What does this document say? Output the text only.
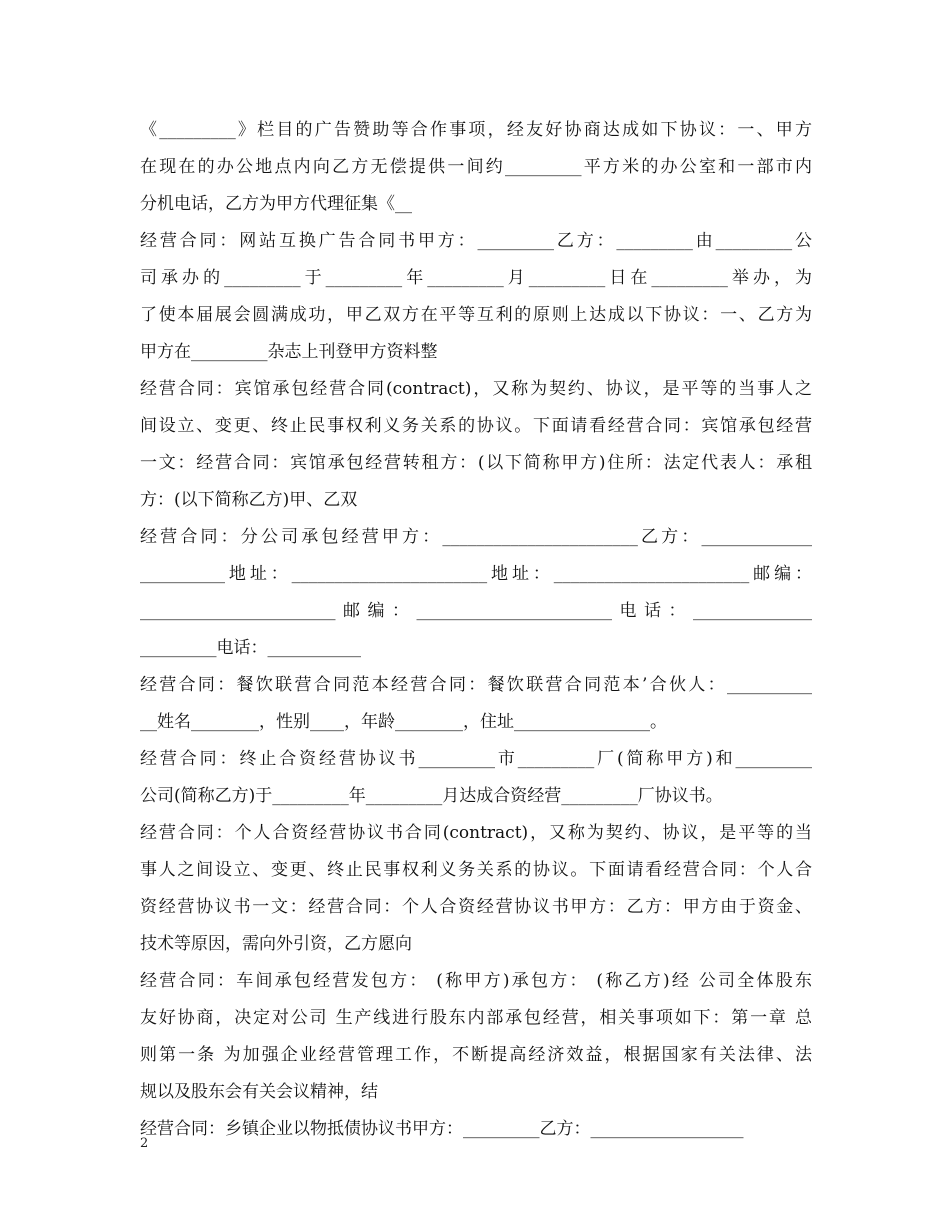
《_________》栏目的广告赞助等合作事项，经友好协商达成如下协议：一、甲方
在现在的办公地点内向乙方无偿提供一间约_________平方米的办公室和一部市内
分机电话，乙方为甲方代理征集《__
经营合同：网站互换广告合同书甲方：_________乙方：_________由_________公
司承办的_________于_________年_________月_________日在_________举办，为
了使本届展会圆满成功，甲乙双方在平等互利的原则上达成以下协议：一、乙方为
甲方在_________杂志上刊登甲方资料整
经营合同：宾馆承包经营合同(contract)，又称为契约、协议，是平等的当事人之
间设立、变更、终止民事权利义务关系的协议。下面请看经营合同：宾馆承包经营
一文：经营合同：宾馆承包经营转租方：(以下简称甲方)住所：法定代表人：承租
方：(以下简称乙方)甲、乙双
经营合同：分公司承包经营甲方：_______________________乙方：_____________
__________地址：_______________________地址：_______________________邮编：
_______________________邮编：_______________________电话：______________
_________电话：___________
经营合同：餐饮联营合同范本经营合同：餐饮联营合同范本’合伙人：__________
__姓名________，性别____，年龄________，住址________________。
经营合同：终止合资经营协议书_________市_________厂(简称甲方)和_________
公司(简称乙方)于_________年_________月达成合资经营_________厂协议书。
经营合同：个人合资经营协议书合同(contract)，又称为契约、协议，是平等的当
事人之间设立、变更、终止民事权利义务关系的协议。下面请看经营合同：个人合
资经营协议书一文：经营合同：个人合资经营协议书甲方：乙方：甲方由于资金、
技术等原因，需向外引资，乙方愿向
经营合同：车间承包经营发包方： (称甲方)承包方： (称乙方)经 公司全体股东
友好协商，决定对公司 生产线进行股东内部承包经营，相关事项如下：第一章 总
则第一条 为加强企业经营管理工作，不断提高经济效益，根据国家有关法律、法
规以及股东会有关会议精神，结
经营合同：乡镇企业以物抵债协议书甲方：_________乙方：__________________
2
